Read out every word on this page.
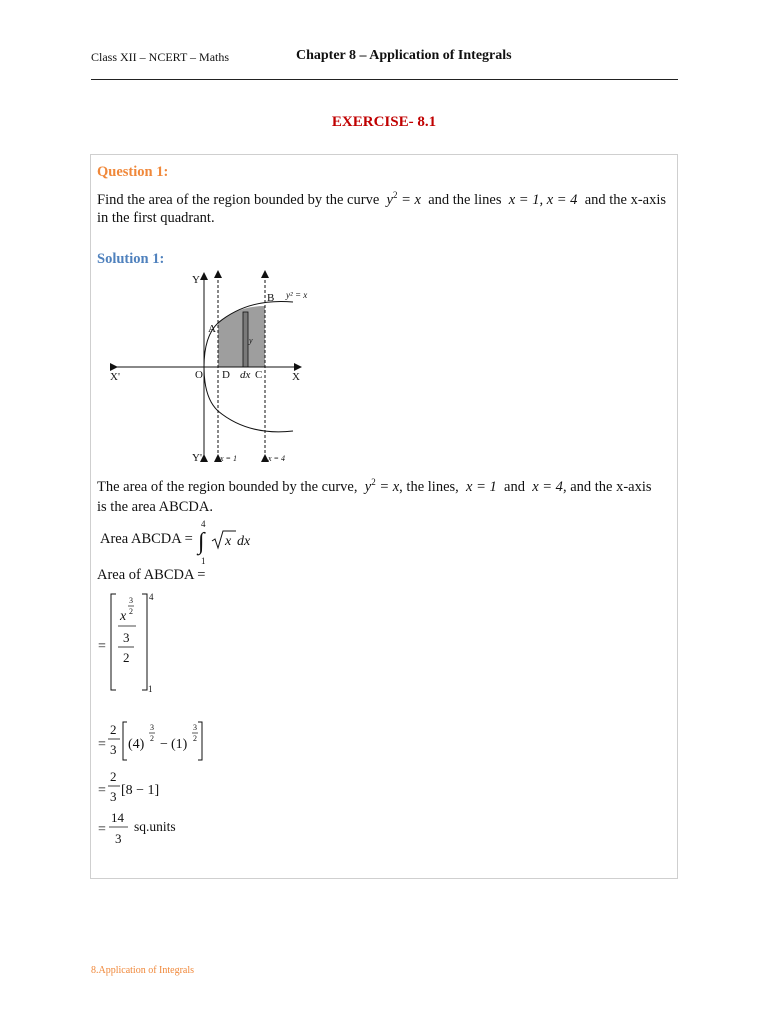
Class XII – NCERT – Maths	Chapter 8 – Application of Integrals
EXERCISE- 8.1
Question 1:
Find the area of the region bounded by the curve $y^2 = x$ and the lines x = 1, x = 4 and the x-axis
in the first quadrant.
Solution 1:
Y
Y'
X
X'	O
A
B
C
D dx
y
y² = x
x = 1	x = 4
The area of the region bounded by the curve, $y^2 = x$, the lines, x = 1 and x = 4, and the x-axis
is the area ABCDA.
Area ABCDA =
4
∫
1
x dx
Area of ABCDA =
=
4
1
x
3
2
3
2
=
2
3 (4)
3
2 − (1)
3
2
=
2
3 [8 − 1]
=
14
3
sq.units
8.Application of Integrals
